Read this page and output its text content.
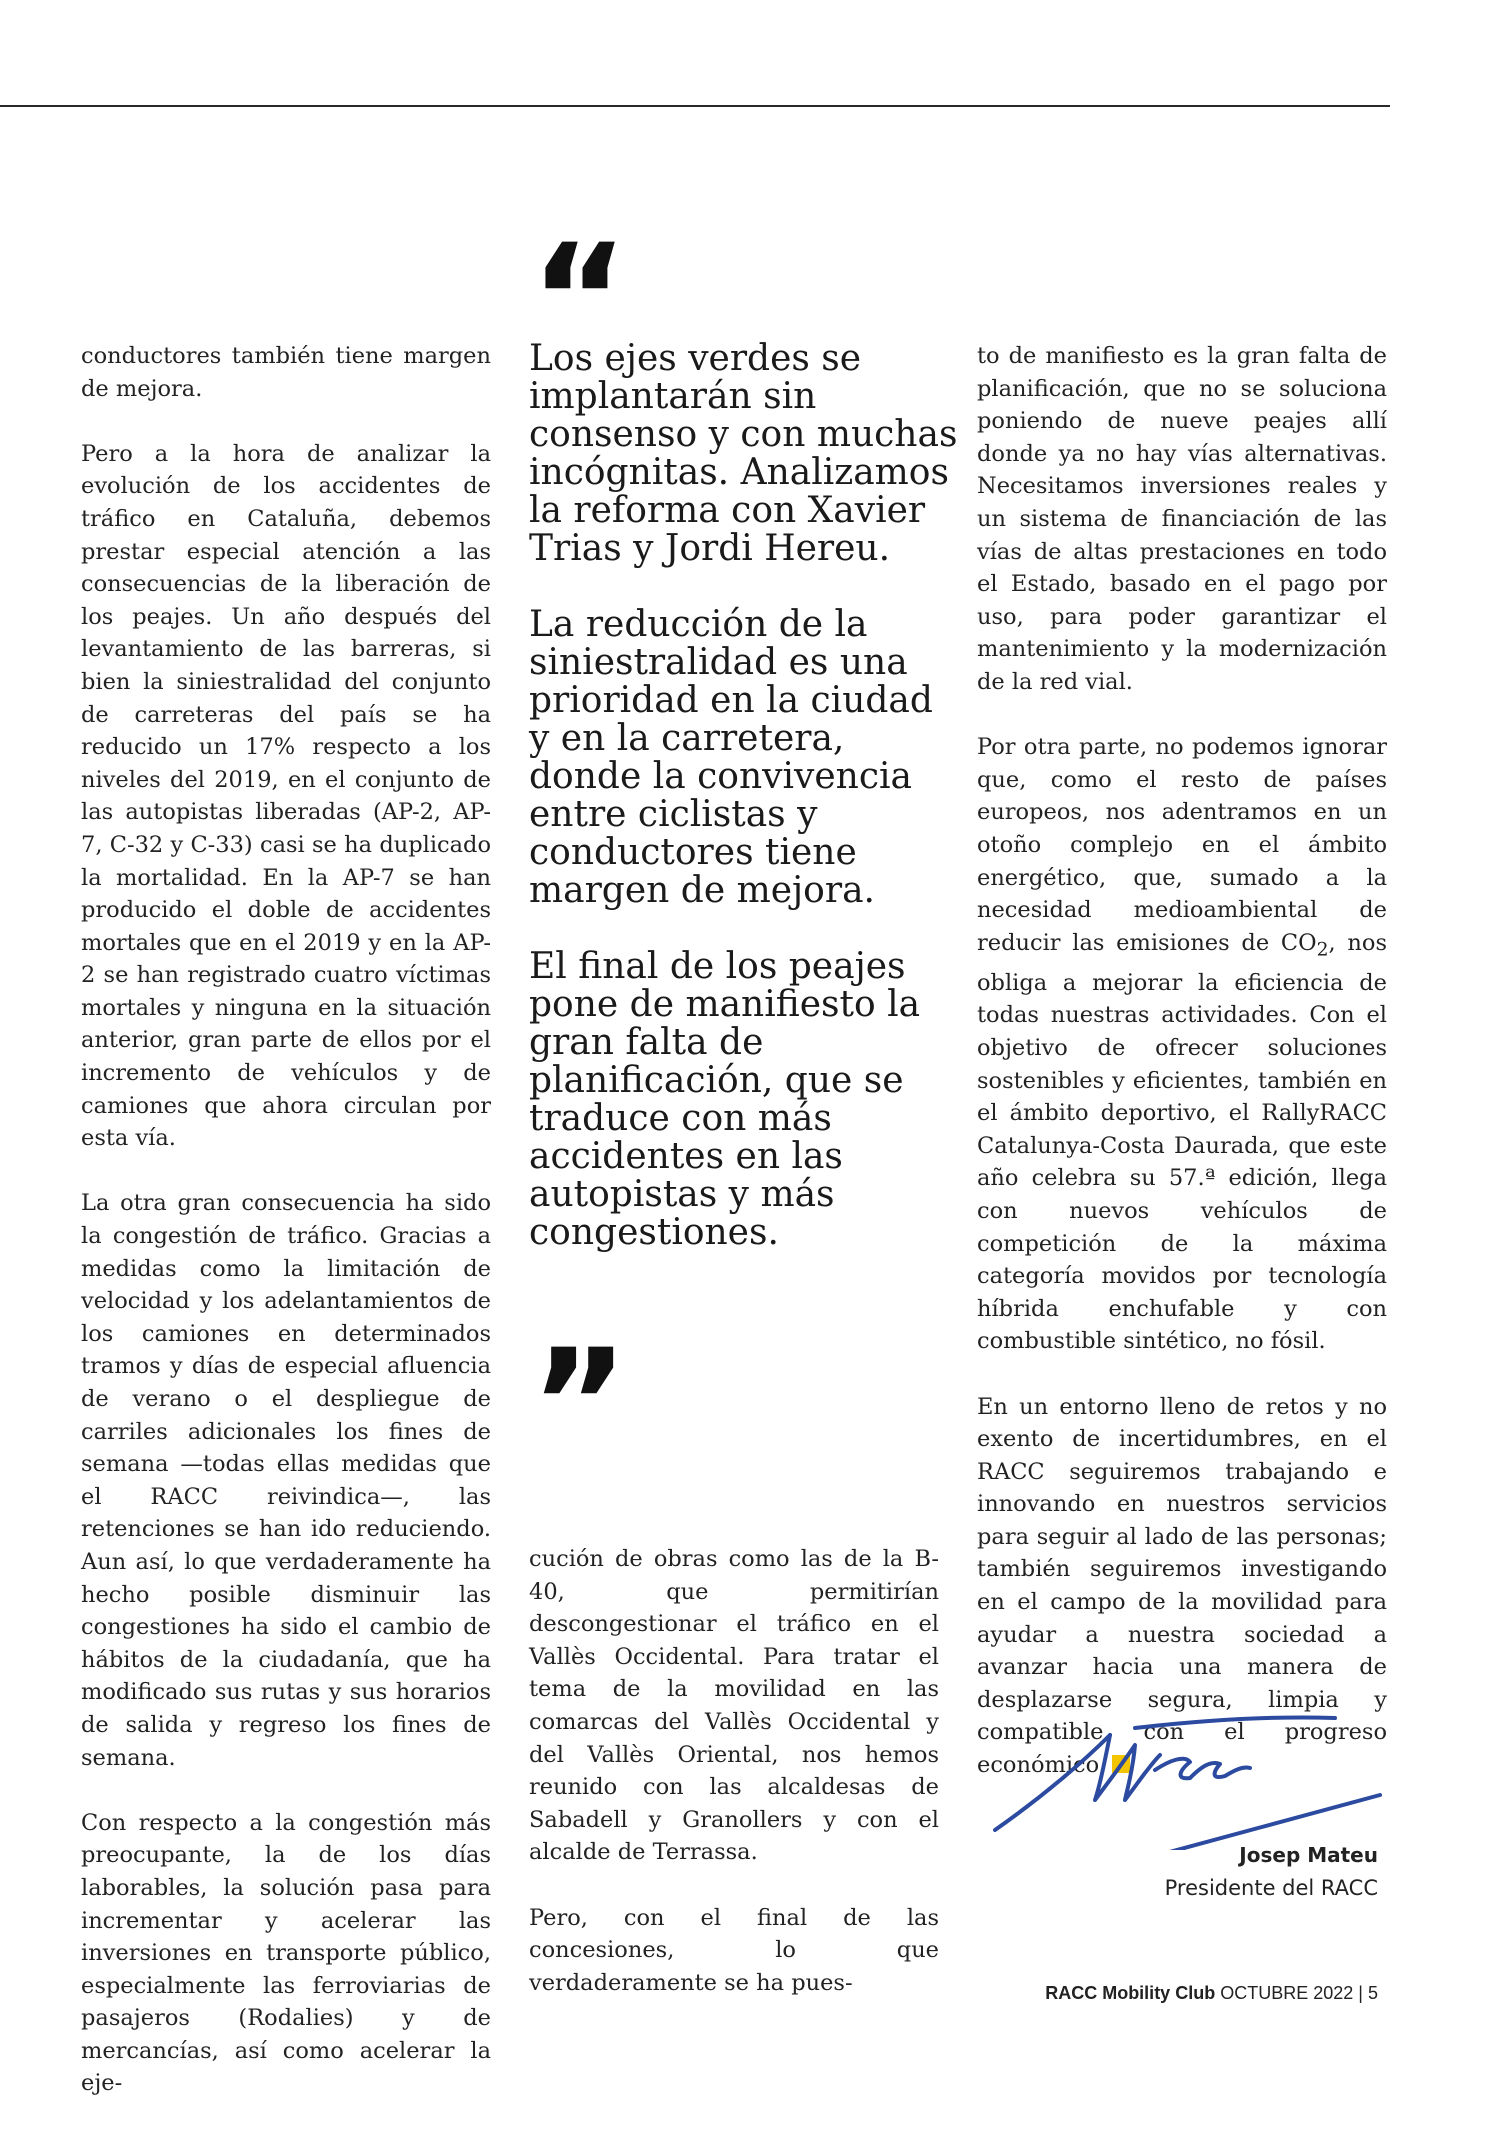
conductores también tiene margen de mejora.

Pero a la hora de analizar la evolución de los accidentes de tráfico en Cataluña, debemos prestar especial atención a las consecuencias de la liberación de los peajes. Un año después del levantamiento de las barreras, si bien la siniestralidad del conjunto de carreteras del país se ha reducido un 17% respecto a los niveles del 2019, en el conjunto de las autopistas liberadas (AP-2, AP-7, C-32 y C-33) casi se ha duplicado la mortalidad. En la AP-7 se han producido el doble de accidentes mortales que en el 2019 y en la AP-2 se han registrado cuatro víctimas mortales y ninguna en la situación anterior, gran parte de ellos por el incremento de vehículos y de camiones que ahora circulan por esta vía.

La otra gran consecuencia ha sido la congestión de tráfico. Gracias a medidas como la limitación de velocidad y los adelantamientos de los camiones en determinados tramos y días de especial afluencia de verano o el despliegue de carriles adicionales los fines de semana —todas ellas medidas que el RACC reivindica—, las retenciones se han ido reduciendo. Aun así, lo que verdaderamente ha hecho posible disminuir las congestiones ha sido el cambio de hábitos de la ciudadanía, que ha modificado sus rutas y sus horarios de salida y regreso los fines de semana.

Con respecto a la congestión más preocupante, la de los días laborables, la solución pasa para incrementar y acelerar las inversiones en transporte público, especialmente las ferroviarias de pasajeros (Rodalies) y de mercancías, así como acelerar la eje-

“

Los ejes verdes se implantarán sin consenso y con muchas incógnitas. Analizamos la reforma con Xavier Trias y Jordi Hereu.

La reducción de la siniestralidad es una prioridad en la ciudad y en la carretera, donde la convivencia entre ciclistas y conductores tiene margen de mejora.

El final de los peajes pone de manifiesto la gran falta de planificación, que se traduce con más accidentes en las autopistas y más congestiones.

”

cución de obras como las de la B-40, que permitirían descongestionar el tráfico en el Vallès Occidental. Para tratar el tema de la movilidad en las comarcas del Vallès Occidental y del Vallès Oriental, nos hemos reunido con las alcaldesas de Sabadell y Granollers y con el alcalde de Terrassa.

Pero, con el final de las concesiones, lo que verdaderamente se ha pues-

to de manifiesto es la gran falta de planificación, que no se soluciona poniendo de nueve peajes allí donde ya no hay vías alternativas. Necesitamos inversiones reales y un sistema de financiación de las vías de altas prestaciones en todo el Estado, basado en el pago por uso, para poder garantizar el mantenimiento y la modernización de la red vial.

Por otra parte, no podemos ignorar que, como el resto de países europeos, nos adentramos en un otoño complejo en el ámbito energético, que, sumado a la necesidad medioambiental de reducir las emisiones de $CO_2$, nos obliga a mejorar la eficiencia de todas nuestras actividades. Con el objetivo de ofrecer soluciones sostenibles y eficientes, también en el ámbito deportivo, el RallyRACC Catalunya-Costa Daurada, que este año celebra su 57.ª edición, llega con nuevos vehículos de competición de la máxima categoría movidos por tecnología híbrida enchufable y con combustible sintético, no fósil.

En un entorno lleno de retos y no exento de incertidumbres, en el RACC seguiremos trabajando e innovando en nuestros servicios para seguir al lado de las personas; también seguiremos investigando en el campo de la movilidad para ayudar a nuestra sociedad a avanzar hacia una manera de desplazarse segura, limpia y compatible con el progreso económico.

Josep Mateu
Presidente del RACC
RACC Mobility Club OCTUBRE 2022 | 5
